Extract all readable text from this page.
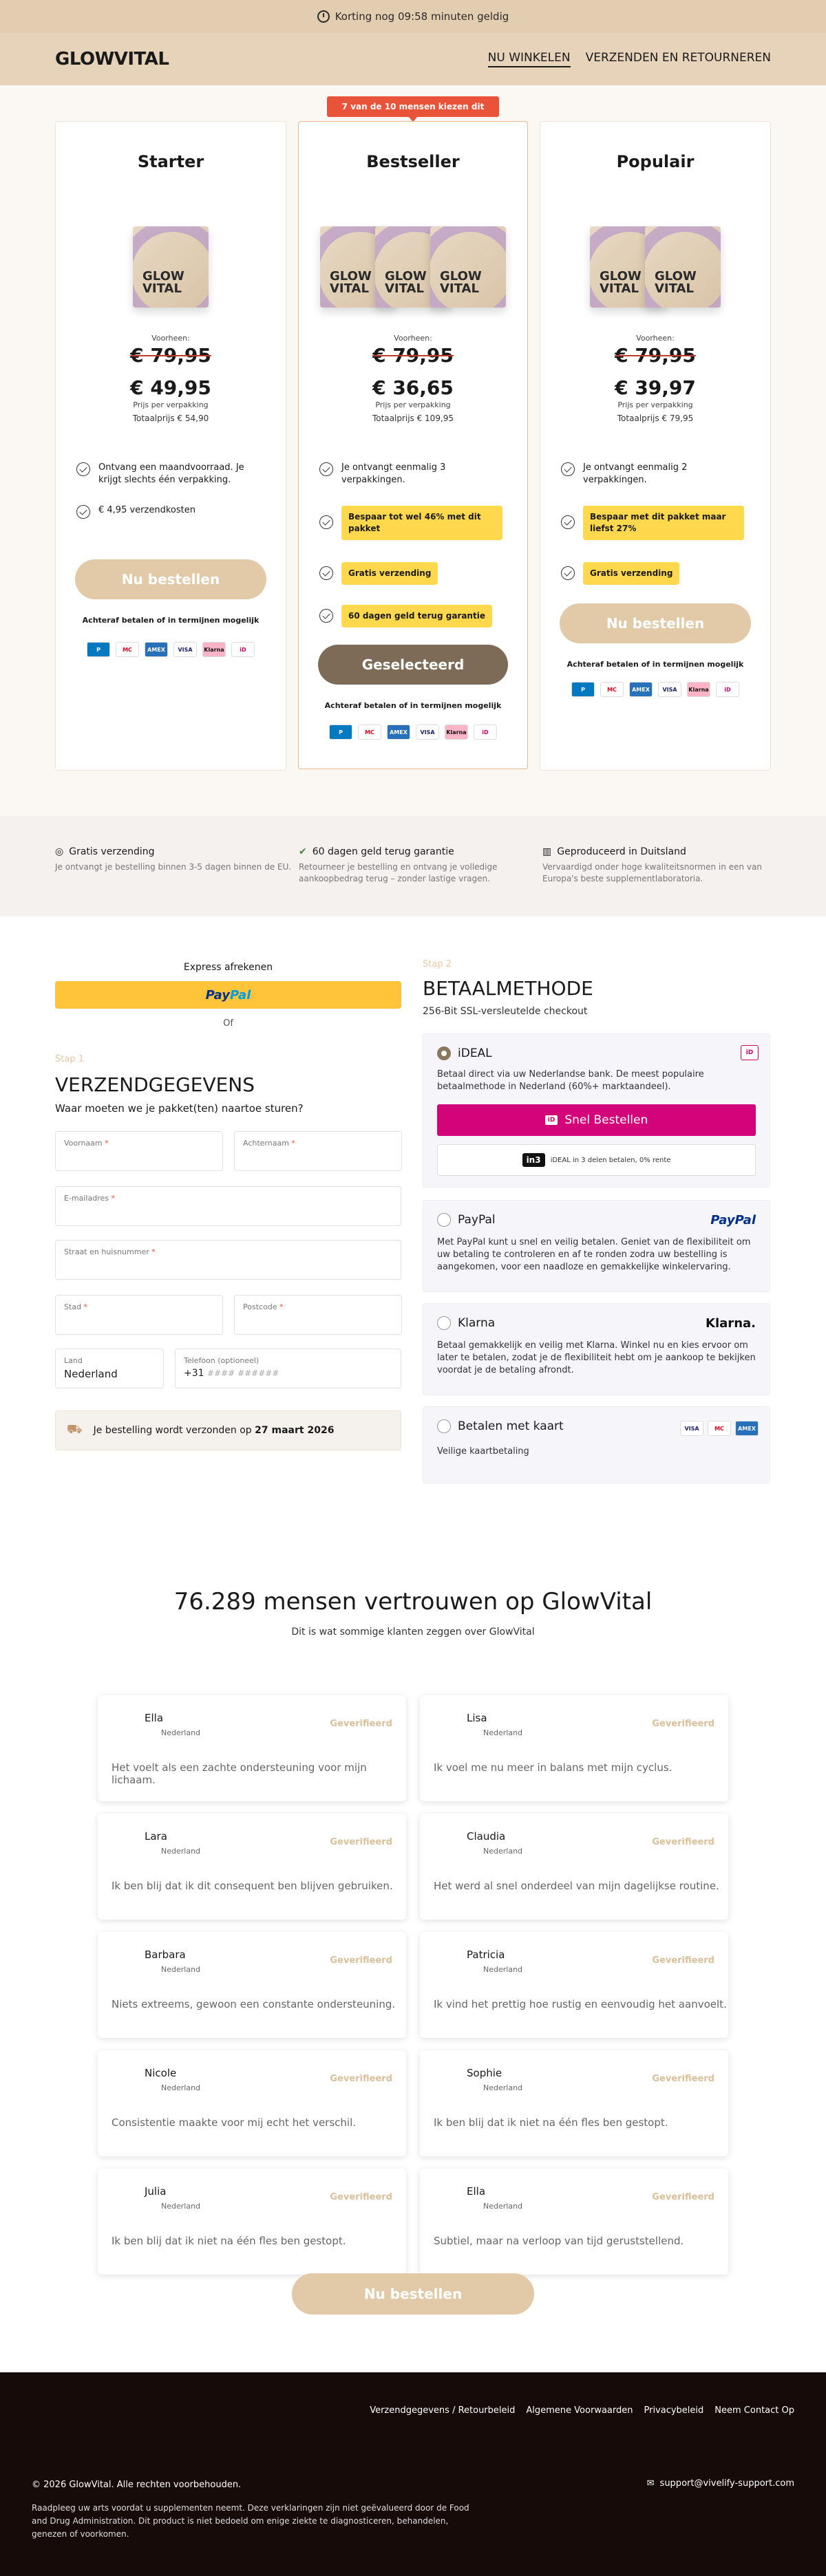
Korting nog 09:58 minuten geldig
GLOWVITAL	NU WINKELEN VERZENDEN EN RETOURNEREN
7 van de 10 mensen kiezen dit
Starter
GLOW VITAL
Voorheen:
€ 79,95
€ 49,95
Prijs per verpakking
Totaalprijs € 54,90
Ontvang een maandvoorraad. Je krijgt slechts één verpakking.
€ 4,95 verzendkosten
Nu bestellen
Achteraf betalen of in termijnen mogelijk
P	MC	AMEX	VISA	Klarna	iD
Bestseller
GLOW VITAL
GLOW VITAL
GLOW VITAL
Voorheen:
€ 79,95
€ 36,65
Prijs per verpakking
Totaalprijs € 109,95
Je ontvangt eenmalig 3 verpakkingen.
Bespaar tot wel 46% met dit pakket
Gratis verzending
60 dagen geld terug garantie
Geselecteerd
Achteraf betalen of in termijnen mogelijk
P	MC	AMEX	VISA	Klarna	iD
Populair
GLOW VITAL
GLOW VITAL
Voorheen:
€ 79,95
€ 39,97
Prijs per verpakking
Totaalprijs € 79,95
Je ontvangt eenmalig 2 verpakkingen.
Bespaar met dit pakket maar liefst 27%
Gratis verzending
Nu bestellen
Achteraf betalen of in termijnen mogelijk
P	MC	AMEX	VISA	Klarna	iD
◎ Gratis verzending
Je ontvangt je bestelling binnen 3-5 dagen binnen de EU.
✔ 60 dagen geld terug garantie
Retourneer je bestelling en ontvang je volledige aankoopbedrag terug – zonder lastige vragen.
▥ Geproduceerd in Duitsland
Vervaardigd onder hoge kwaliteitsnormen in een van Europa's beste supplementlaboratoria.
Express afrekenen
Pay Pal
Of
Stap 1
VERZENDGEGEVENS
Waar moeten we je pakket(ten) naartoe sturen?
Voornaam *	Achternaam *
E-mailadres *
Straat en huisnummer *
Stad *	Postcode *
Land
Nederland
Telefoon (optioneel)
+31 #### ######
⛟ Je bestelling wordt verzonden op 27 maart 2026
Stap 2
BETAALMETHODE
256-Bit SSL-versleutelde checkout
iDEAL	iD
Betaal direct via uw Nederlandse bank. De meest populaire betaalmethode in Nederland (60%+ marktaandeel).
iD Snel Bestellen
in3	iDEAL in 3 delen betalen, 0% rente
PayPal	PayPal
Met PayPal kunt u snel en veilig betalen. Geniet van de flexibiliteit om uw betaling te controleren en af te ronden zodra uw bestelling is aangekomen, voor een naadloze en gemakkelijke winkelervaring.
Klarna	Klarna.
Betaal gemakkelijk en veilig met Klarna. Winkel nu en kies ervoor om later te betalen, zodat je de flexibiliteit hebt om je aankoop te bekijken voordat je de betaling afrondt.
Betalen met kaart	VISA	MC	AMEX
Veilige kaartbetaling
76.289 mensen vertrouwen op GlowVital
Dit is wat sommige klanten zeggen over GlowVital
Ella
Nederland
Geverifieerd
Het voelt als een zachte ondersteuning voor mijn lichaam.
Lisa
Nederland
Geverifieerd
Ik voel me nu meer in balans met mijn cyclus.
Lara
Nederland
Geverifieerd
Ik ben blij dat ik dit consequent ben blijven gebruiken.
Claudia
Nederland
Geverifieerd
Het werd al snel onderdeel van mijn dagelijkse routine.
Barbara
Nederland
Geverifieerd
Niets extreems, gewoon een constante ondersteuning.
Patricia
Nederland
Geverifieerd
Ik vind het prettig hoe rustig en eenvoudig het aanvoelt.
Nicole
Nederland
Geverifieerd
Consistentie maakte voor mij echt het verschil.
Sophie
Nederland
Geverifieerd
Ik ben blij dat ik niet na één fles ben gestopt.
Julia
Nederland
Geverifieerd
Ik ben blij dat ik niet na één fles ben gestopt.
Ella
Nederland
Geverifieerd
Subtiel, maar na verloop van tijd geruststellend.
Nu bestellen
Verzendgegevens / Retourbeleid Algemene Voorwaarden Privacybeleid Neem Contact Op
© 2026 GlowVital. Alle rechten voorbehouden.	✉ support@vivelify-support.com
Raadpleeg uw arts voordat u supplementen neemt. Deze verklaringen zijn niet geëvalueerd door de Food and Drug Administration. Dit product is niet bedoeld om enige ziekte te diagnosticeren, behandelen, genezen of voorkomen.
